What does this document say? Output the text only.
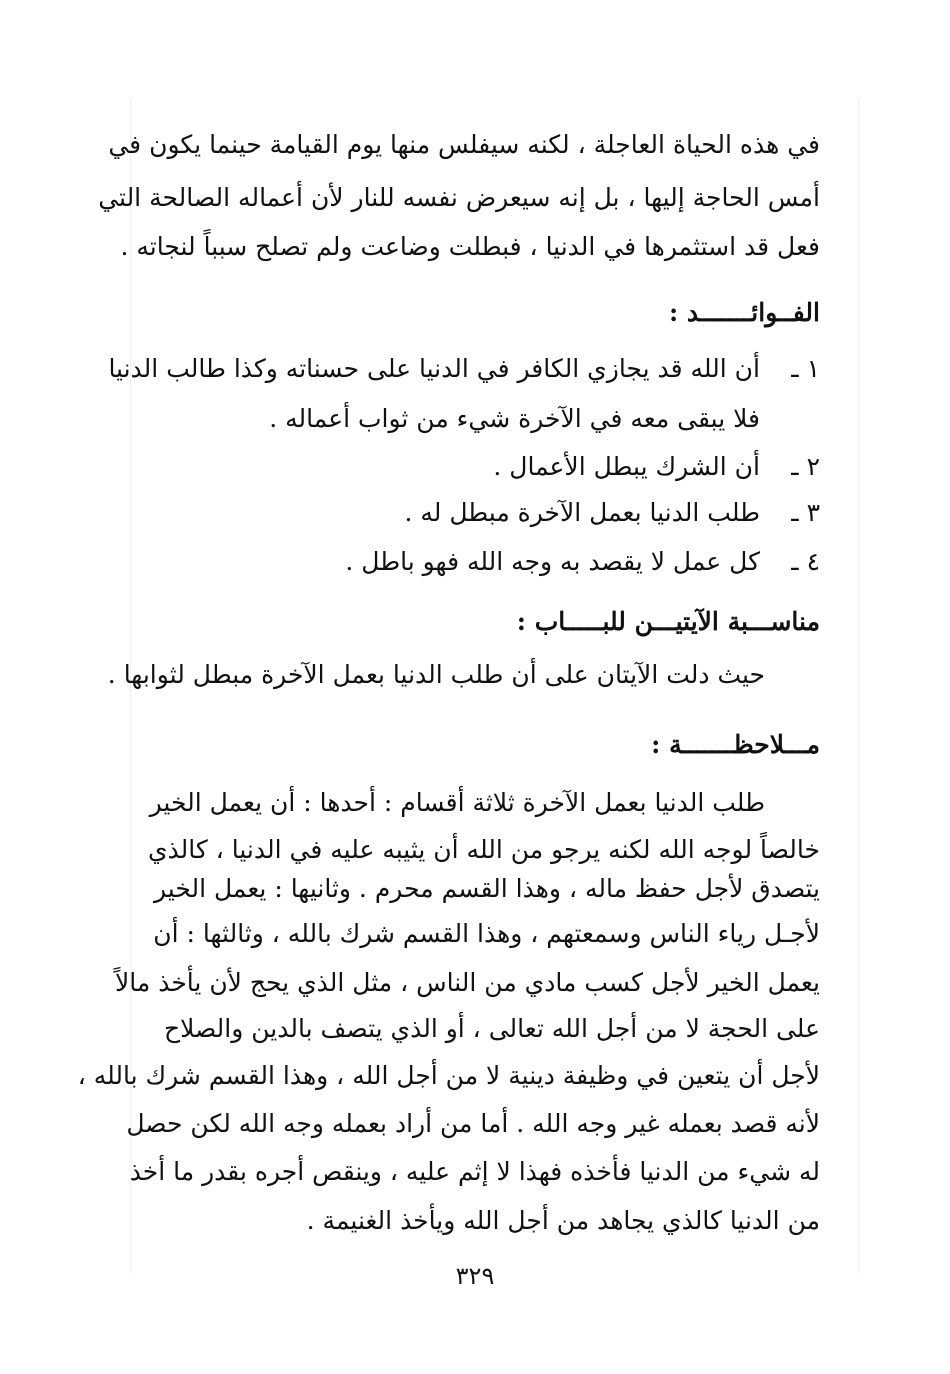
في هذه الحياة العاجلة ، لكنه سيفلس منها يوم القيامة حينما يكون في
أمس الحاجة إليها ، بل إنه سيعرض نفسه للنار لأن أعماله الصالحة التي
فعل قد استثمرها في الدنيا ، فبطلت وضاعت ولم تصلح سبباً لنجاته .
الفــوائـــــــد :
١ ـأن الله قد يجازي الكافر في الدنيا على حسناته وكذا طالب الدنيا
فلا يبقى معه في الآخرة شيء من ثواب أعماله .
٢ ـأن الشرك يبطل الأعمال .
٣ ـطلب الدنيا بعمل الآخرة مبطل له .
٤ ـكل عمل لا يقصد به وجه الله فهو باطل .
مناســـبة الآيتيـــن للبـــــاب :
حيث دلت الآيتان على أن طلب الدنيا بعمل الآخرة مبطل لثوابها .
مـــلاحظـــــــة :
طلب الدنيا بعمل الآخرة ثلاثة أقسام : أحدها : أن يعمل الخير
خالصاً لوجه الله لكنه يرجو من الله أن يثيبه عليه في الدنيا ، كالذي
يتصدق لأجل حفظ ماله ، وهذا القسم محرم . وثانيها : يعمل الخير
لأجـل رياء الناس وسمعتهم ، وهذا القسم شرك بالله ، وثالثها : أن
يعمل الخير لأجل كسب مادي من الناس ، مثل الذي يحج لأن يأخذ مالاً
على الحجة لا من أجل الله تعالى ، أو الذي يتصف بالدين والصلاح
لأجل أن يتعين في وظيفة دينية لا من أجل الله ، وهذا القسم شرك بالله ،
لأنه قصد بعمله غير وجه الله . أما من أراد بعمله وجه الله لكن حصل
له شيء من الدنيا فأخذه فهذا لا إثم عليه ، وينقص أجره بقدر ما أخذ
من الدنيا كالذي يجاهد من أجل الله ويأخذ الغنيمة .
٣٢٩
